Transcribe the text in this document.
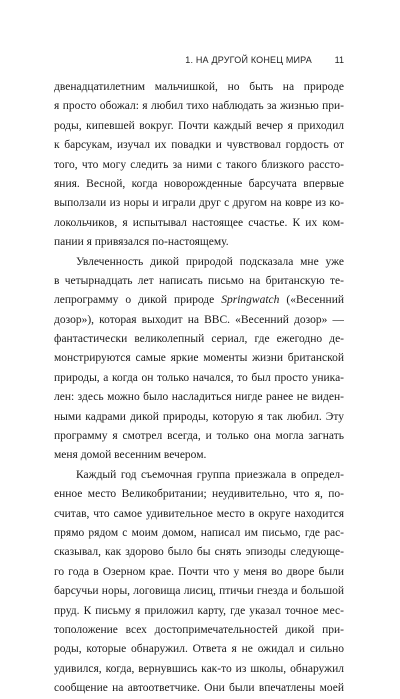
1. НА ДРУГОЙ КОНЕЦ МИРА	11
двенадцатилетним мальчишкой, но быть на природе
я просто обожал: я любил тихо наблюдать за жизнью при-
роды, кипевшей вокруг. Почти каждый вечер я приходил
к барсукам, изучал их повадки и чувствовал гордость от
того, что могу следить за ними с такого близкого рассто-
яния. Весной, когда новорожденные барсучата впервые
выползали из норы и играли друг с другом на ковре из ко-
локольчиков, я испытывал настоящее счастье. К их ком-
пании я привязался по-настоящему.
Увлеченность дикой природой подсказала мне уже
в четырнадцать лет написать письмо на британскую те-
лепрограмму о дикой природе Springwatch («Весенний
дозор»), которая выходит на BBC. «Весенний дозор» —
фантастически великолепный сериал, где ежегодно де-
монстрируются самые яркие моменты жизни британской
природы, а когда он только начался, то был просто уника-
лен: здесь можно было насладиться нигде ранее не виден-
ными кадрами дикой природы, которую я так любил. Эту
программу я смотрел всегда, и только она могла загнать
меня домой весенним вечером.
Каждый год съемочная группа приезжала в определ-
енное место Великобритании; неудивительно, что я, по-
считав, что самое удивительное место в округе находится
прямо рядом с моим домом, написал им письмо, где рас-
сказывал, как здорово было бы снять эпизоды следующе-
го года в Озерном крае. Почти что у меня во дворе были
барсучьи норы, логовища лисиц, птичьи гнезда и большой
пруд. К письму я приложил карту, где указал точное мес-
тоположение всех достопримечательностей дикой при-
роды, которые обнаружил. Ответа я не ожидал и сильно
удивился, когда, вернувшись как-то из школы, обнаружил
сообщение на автоответчике. Они были впечатлены моей
